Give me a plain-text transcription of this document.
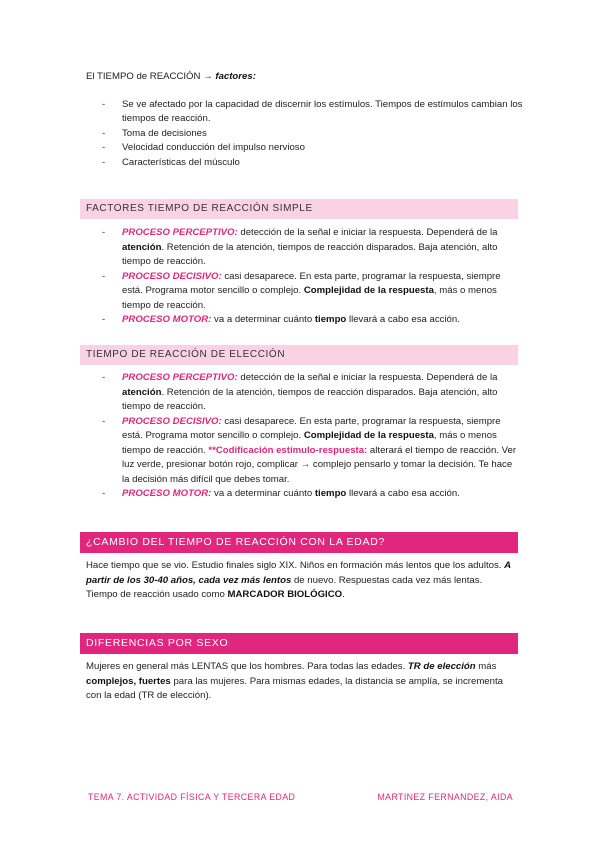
El TIEMPO de REACCIÓN → factores:
- Se ve afectado por la capacidad de discernir los estímulos. Tiempos de estímulos cambian los tiempos de reacción.
- Toma de decisiones
- Velocidad conducción del impulso nervioso
- Características del músculo
FACTORES TIEMPO DE REACCIÓN SIMPLE
- PROCESO PERCEPTIVO: detección de la señal e iniciar la respuesta. Dependerá de la atención. Retención de la atención, tiempos de reacción disparados. Baja atención, alto tiempo de reacción.
- PROCESO DECISIVO: casi desaparece. En esta parte, programar la respuesta, siempre está. Programa motor sencillo o complejo. Complejidad de la respuesta, más o menos tiempo de reacción.
- PROCESO MOTOR: va a determinar cuánto tiempo llevará a cabo esa acción.
TIEMPO DE REACCIÓN DE ELECCIÓN
- PROCESO PERCEPTIVO: detección de la señal e iniciar la respuesta. Dependerá de la atención. Retención de la atención, tiempos de reacción disparados. Baja atención, alto tiempo de reacción.
- PROCESO DECISIVO: casi desaparece. En esta parte, programar la respuesta, siempre está. Programa motor sencillo o complejo. Complejidad de la respuesta, más o menos tiempo de reacción. **Codificación estímulo-respuesta: alterará el tiempo de reacción. Ver luz verde, presionar botón rojo, complicar → complejo pensarlo y tomar la decisión. Te hace la decisión más difícil que debes tomar.
- PROCESO MOTOR: va a determinar cuánto tiempo llevará a cabo esa acción.
¿CAMBIO DEL TIEMPO DE REACCIÓN CON LA EDAD?
Hace tiempo que se vio. Estudio finales siglo XIX. Niños en formación más lentos que los adultos. A partir de los 30-40 años, cada vez más lentos de nuevo. Respuestas cada vez más lentas. Tiempo de reacción usado como MARCADOR BIOLÓGICO.
DIFERENCIAS POR SEXO
Mujeres en general más LENTAS que los hombres. Para todas las edades. TR de elección más complejos, fuertes para las mujeres. Para mismas edades, la distancia se amplía, se incrementa con la edad (TR de elección).
TEMA 7. ACTIVIDAD FÍSICA Y TERCERA EDAD	MARTINEZ FERNANDEZ, AIDA
